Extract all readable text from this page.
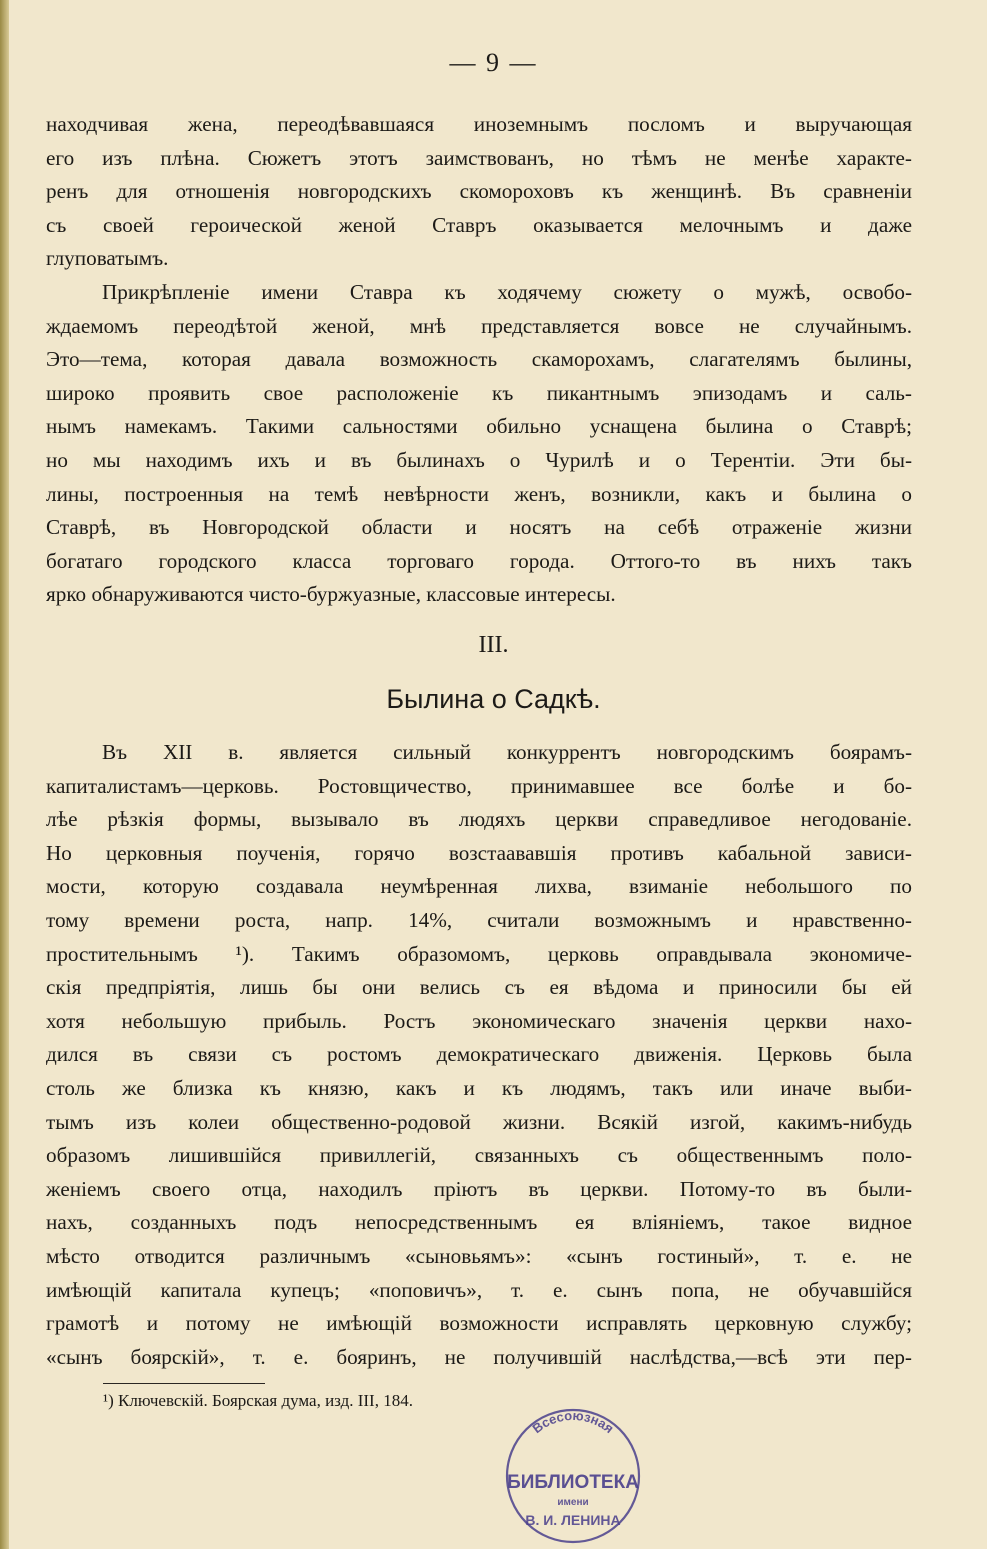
— 9 —
находчивая жена, переодѣвавшаяся иноземнымъ посломъ и выручающая
его изъ плѣна. Сюжетъ этотъ заимствованъ, но тѣмъ не менѣе характе-
ренъ для отношенія новгородскихъ скомороховъ къ женщинѣ. Въ сравненіи
съ своей героической женой Ставръ оказывается мелочнымъ и даже
глуповатымъ.
Прикрѣпленіе имени Ставра къ ходячему сюжету о мужѣ, освобо-
ждаемомъ переодѣтой женой, мнѣ представляется вовсе не случайнымъ.
Это—тема, которая давала возможность скаморохамъ, слагателямъ былины,
широко проявить свое расположеніе къ пикантнымъ эпизодамъ и саль-
нымъ намекамъ. Такими сальностями обильно уснащена былина о Ставрѣ;
но мы находимъ ихъ и въ былинахъ о Чурилѣ и о Терентіи. Эти бы-
лины, построенныя на темѣ невѣрности женъ, возникли, какъ и былина о
Ставрѣ, въ Новгородской области и носятъ на себѣ отраженіе жизни
богатаго городского класса торговаго города. Оттого-то въ нихъ такъ
ярко обнаруживаются чисто-буржуазные, классовые интересы.
III.
Былина о Садкѣ.
Въ XII в. является сильный конкуррентъ новгородскимъ боярамъ-
капиталистамъ—церковь. Ростовщичество, принимавшее все болѣе и бо-
лѣе рѣзкія формы, вызывало въ людяхъ церкви справедливое негодованіе.
Но церковныя поученія, горячо возстаававшія противъ кабальной зависи-
мости, которую создавала неумѣренная лихва, взиманіе небольшого по
тому времени роста, напр. 14%, считали возможнымъ и нравственно-
простительнымъ ¹). Такимъ образомомъ, церковь оправдывала экономиче-
скія предпріятія, лишь бы они велись съ ея вѣдома и приносили бы ей
хотя небольшую прибыль. Ростъ экономическаго значенія церкви нахо-
дился въ связи съ ростомъ демократическаго движенія. Церковь была
столь же близка къ князю, какъ и къ людямъ, такъ или иначе выби-
тымъ изъ колеи общественно-родовой жизни. Всякій изгой, какимъ-нибудь
образомъ лишившійся привиллегій, связанныхъ съ общественнымъ поло-
женіемъ своего отца, находилъ пріютъ въ церкви. Потому-то въ были-
нахъ, созданныхъ подъ непосредственнымъ ея вліяніемъ, такое видное
мѣсто отводится различнымъ «сыновьямъ»: «сынъ гостиный», т. е. не
имѣющій капитала купецъ; «поповичъ», т. е. сынъ попа, не обучавшійся
грамотѣ и потому не имѣющій возможности исправлять церковную службу;
«сынъ боярскій», т. е. бояринъ, не получившій наслѣдства,—всѣ эти пер-
¹) Ключевскій. Боярская дума, изд. III, 184.
Всесоюзная
БИБЛИОТЕКА
имени
В. И. ЛЕНИНА
